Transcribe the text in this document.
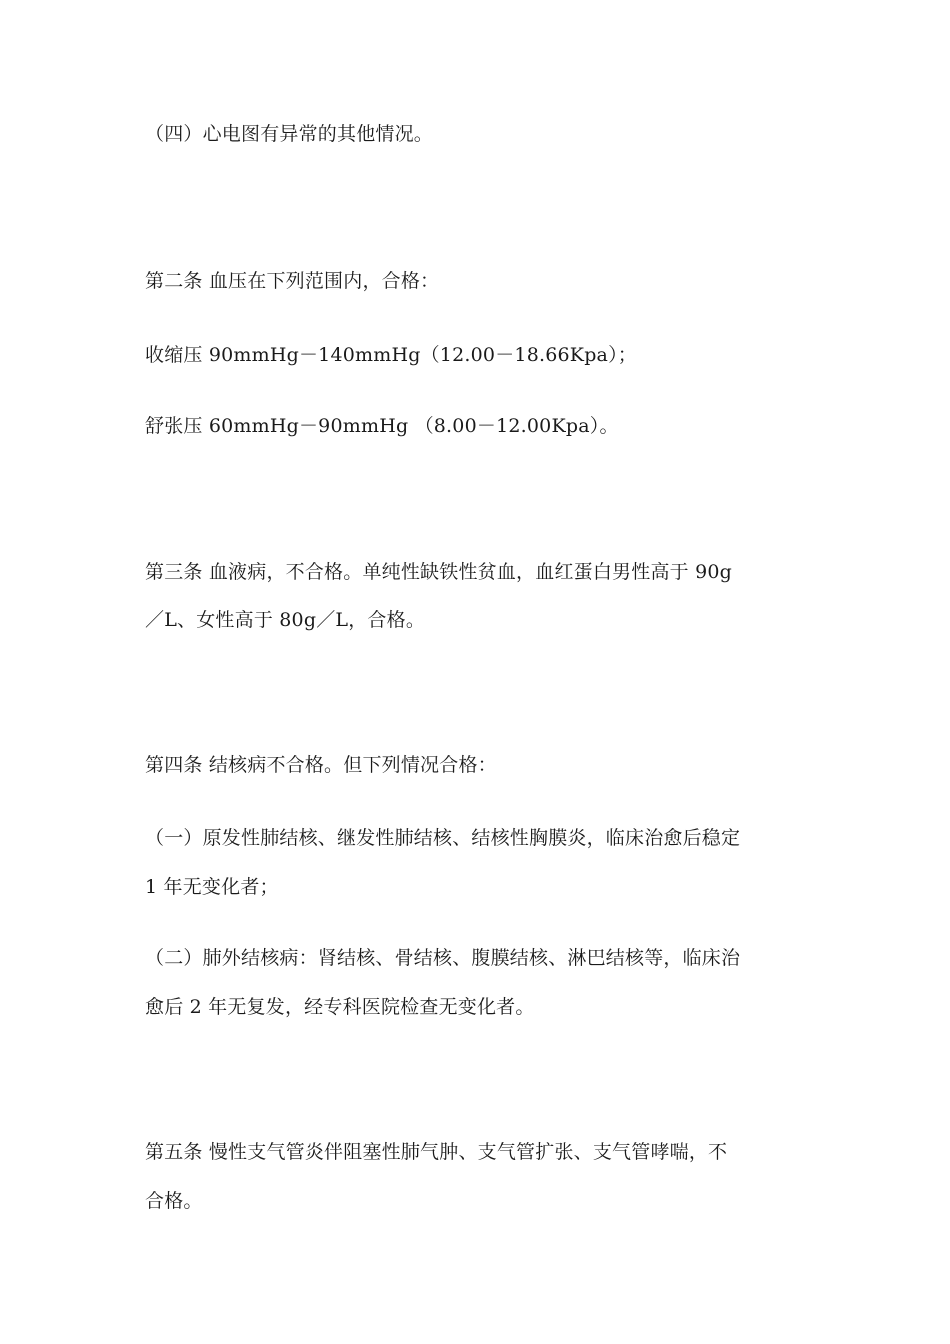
（四）心电图有异常的其他情况。
第二条 血压在下列范围内，合格：
收缩压 90mmHg－140mmHg（12.00－18.66Kpa）；
舒张压 60mmHg－90mmHg （8.00－12.00Kpa）。
第三条 血液病，不合格。单纯性缺铁性贫血，血红蛋白男性高于 90g
／L、女性高于 80g／L，合格。
第四条 结核病不合格。但下列情况合格：
（一）原发性肺结核、继发性肺结核、结核性胸膜炎，临床治愈后稳定
1 年无变化者；
（二）肺外结核病：肾结核、骨结核、腹膜结核、淋巴结核等，临床治
愈后 2 年无复发，经专科医院检查无变化者。
第五条 慢性支气管炎伴阻塞性肺气肿、支气管扩张、支气管哮喘，不
合格。
